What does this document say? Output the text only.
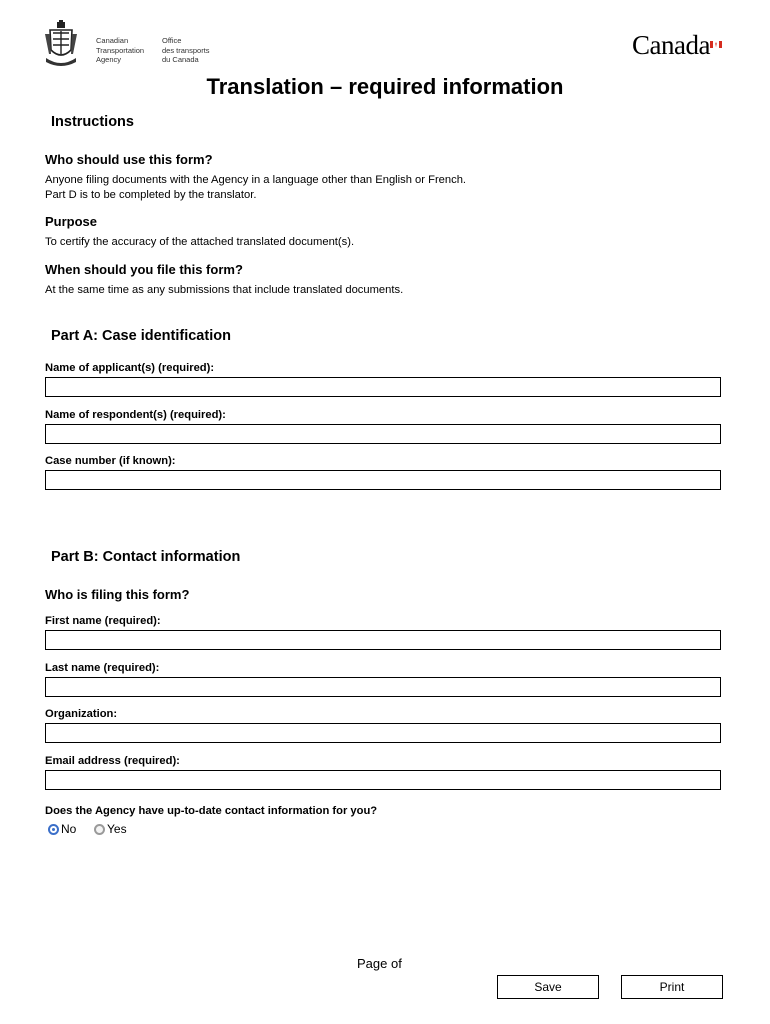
Canadian
Transportation
Agency
Office
des transports
du Canada	Canada
Translation – required information
Instructions
Who should use this form?
Anyone filing documents with the Agency in a language other than English or French.
Part D is to be completed by the translator.
Purpose
To certify the accuracy of the attached translated document(s).
When should you file this form?
At the same time as any submissions that include translated documents.
Part A: Case identification
Name of applicant(s) (required):
Name of respondent(s) (required):
Case number (if known):
Part B: Contact information
Who is filing this form?
First name (required):
Last name (required):
Organization:
Email address (required):
Does the Agency have up-to-date contact information for you?
No	Yes
Page of
Save	Print
